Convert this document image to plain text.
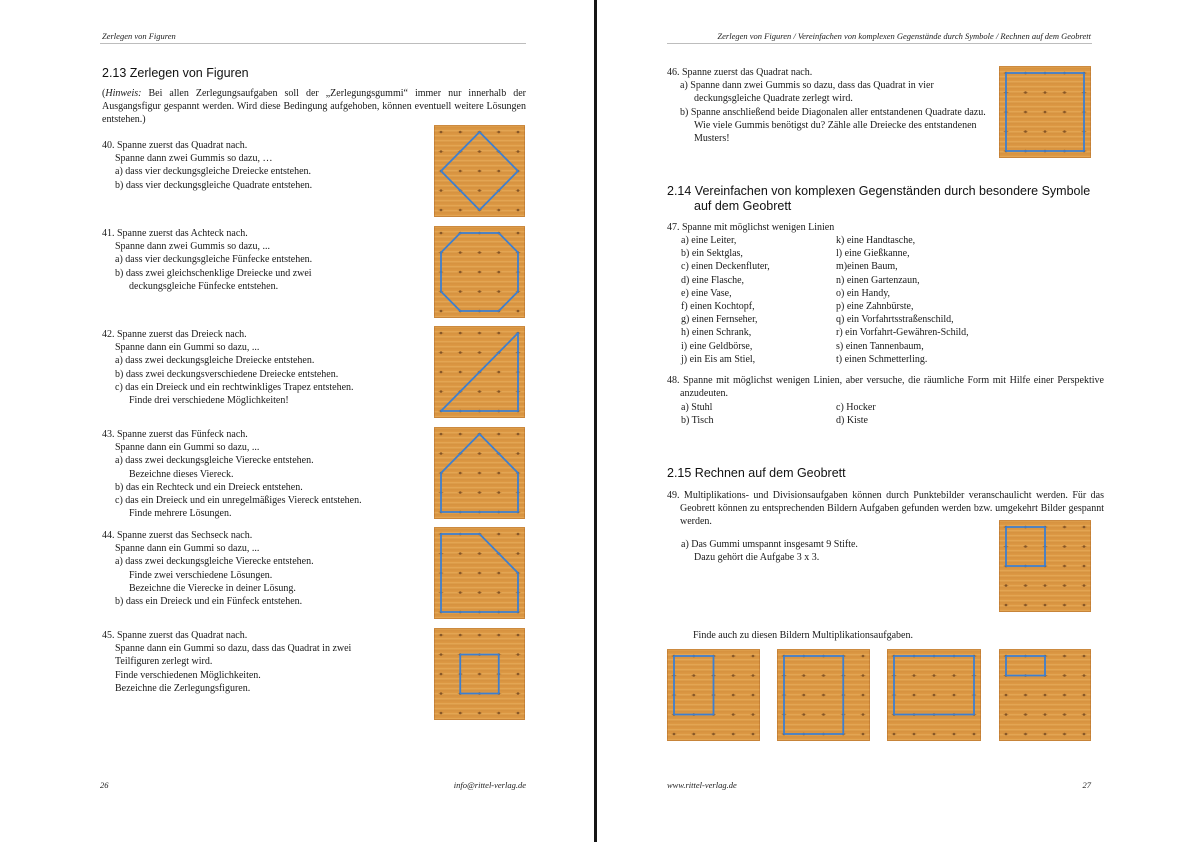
Zerlegen von Figuren
2.13 Zerlegen von Figuren
(Hinweis: Bei allen Zerlegungsaufgaben soll der „Zerlegungsgummi“ immer nur innerhalb der Ausgangsfigur gespannt werden. Wird diese Bedingung aufgehoben, können eventuell weitere Lösungen entstehen.)

40. Spanne zuerst das Quadrat nach.

Spanne dann zwei Gummis so dazu, …

a) dass vier deckungsgleiche Dreiecke entstehen.

b) dass vier deckungsgleiche Quadrate entstehen.

41. Spanne zuerst das Achteck nach.

Spanne dann zwei Gummis so dazu, ...

a) dass vier deckungsgleiche Fünfecke entstehen.

b) dass zwei gleichschenklige Dreiecke und zwei

deckungsgleiche Fünfecke entstehen.

42. Spanne zuerst das Dreieck nach.

Spanne dann ein Gummi so dazu, ...

a) dass zwei deckungsgleiche Dreiecke entstehen.

b) dass zwei deckungsverschiedene Dreiecke entstehen.

c) das ein Dreieck und ein rechtwinkliges Trapez entstehen.

Finde drei verschiedene Möglichkeiten!

43. Spanne zuerst das Fünfeck nach.

Spanne dann ein Gummi so dazu, ...

a) dass zwei deckungsgleiche Vierecke entstehen.

Bezeichne dieses Viereck.

b) das ein Rechteck und ein Dreieck entstehen.

c) das ein Dreieck und ein unregelmäßiges Viereck entstehen.

Finde mehrere Lösungen.

44. Spanne zuerst das Sechseck nach.

Spanne dann ein Gummi so dazu, ...

a) dass zwei deckungsgleiche Vierecke entstehen.

Finde zwei verschiedene Lösungen.

Bezeichne die Vierecke in deiner Lösung.

b) dass ein Dreieck und ein Fünfeck entstehen.

45. Spanne zuerst das Quadrat nach.

Spanne dann ein Gummi so dazu, dass das Quadrat in zwei

Teilfiguren zerlegt wird.

Finde verschiedenen Möglichkeiten.

Bezeichne die Zerlegungsfiguren.

26	info@rittel-verlag.de
Zerlegen von Figuren / Vereinfachen von komplexen Gegenstände durch Symbole / Rechnen auf dem Geobrett

46. Spanne zuerst das Quadrat nach.

a) Spanne dann zwei Gummis so dazu, dass das Quadrat in vier deckungsgleiche Quadrate zerlegt wird.

b) Spanne anschließend beide Diagonalen aller entstandenen Quadrate dazu. Wie viele Gummis benötigst du? Zähle alle Dreiecke des entstandenen Musters!

2.14 Vereinfachen von komplexen Gegenständen durch besondere Symbole
auf dem Geobrett
47. Spanne mit möglichst wenigen Linien

a) eine Leiter,

b) ein Sektglas,

c) einen Deckenfluter,

d) eine Flasche,

e) eine Vase,

f) einen Kochtopf,

g) einen Fernseher,

h) einen Schrank,

i) eine Geldbörse,

j) ein Eis am Stiel,

k) eine Handtasche,

l) eine Gießkanne,

m)einen Baum,

n) einen Gartenzaun,

o) ein Handy,

p) eine Zahnbürste,

q) ein Vorfahrtsstraßenschild,

r) ein Vorfahrt-Gewähren-Schild,

s) einen Tannenbaum,

t) einen Schmetterling.

48. Spanne mit möglichst wenigen Linien, aber versuche, die räumliche Form mit Hilfe einer Perspektive anzudeuten.

a) Stuhl

b) Tisch

c) Hocker

d) Kiste

2.15 Rechnen auf dem Geobrett
49. Multiplikations- und Divisionsaufgaben können durch Punktebilder veranschaulicht werden. Für das Geobrett können zu entsprechenden Bildern Aufgaben gefunden werden bzw. umgekehrt Bilder gespannt werden.

a) Das Gummi umspannt insgesamt 9 Stifte.

Dazu gehört die Aufgabe 3 x 3.

Finde auch zu diesen Bildern Multiplikationsaufgaben.
www.rittel-verlag.de	27
